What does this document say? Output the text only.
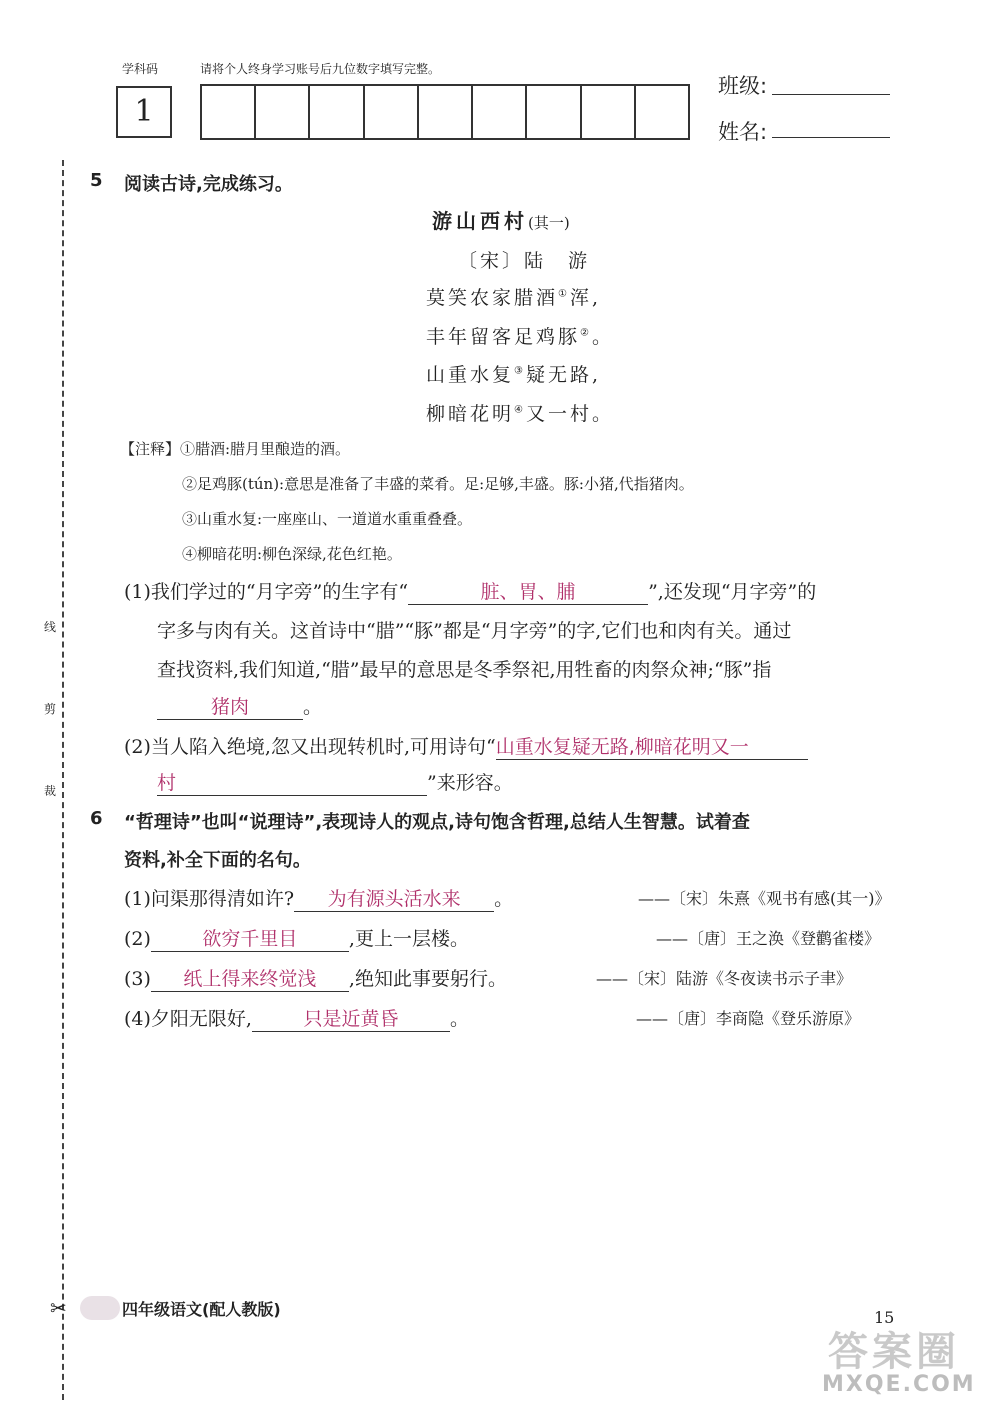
学科码	请将个人终身学习账号后九位数字填写完整。
1
班级:
姓名:
线
剪
裁
✂
5 阅读古诗,完成练习。
游山西村(其一)
〔宋〕陆　游
莫笑农家腊酒①浑,
丰年留客足鸡豚②。
山重水复③疑无路,
柳暗花明④又一村。
【注释】①腊酒:腊月里酿造的酒。
②足鸡豚(tún):意思是准备了丰盛的菜肴。足:足够,丰盛。豚:小猪,代指猪肉。
③山重水复:一座座山、一道道水重重叠叠。
④柳暗花明:柳色深绿,花色红艳。
(1)我们学过的“月字旁”的生字有“	脏、胃、脯	”,还发现“月字旁”的
字多与肉有关。这首诗中“腊”“豚”都是“月字旁”的字,它们也和肉有关。通过
查找资料,我们知道,“腊”最早的意思是冬季祭祀,用牲畜的肉祭众神;“豚”指
猪肉	。
(2)当人陷入绝境,忽又出现转机时,可用诗句“山重水复疑无路,柳暗花明又一
村	”来形容。
6 “哲理诗”也叫“说理诗”,表现诗人的观点,诗句饱含哲理,总结人生智慧。试着查
资料,补全下面的名句。
(1)问渠那得清如许? 为有源头活水来 。	——〔宋〕朱熹《观书有感(其一)》
(2)	欲穷千里目	,更上一层楼。	——〔唐〕王之涣《登鹳雀楼》
(3) 纸上得来终觉浅 ,绝知此事要躬行。	——〔宋〕陆游《冬夜读书示子聿》
(4)夕阳无限好,	只是近黄昏	。	——〔唐〕李商隐《登乐游原》
四年级语文(配人教版)	15
答案圈
MXQE.COM
